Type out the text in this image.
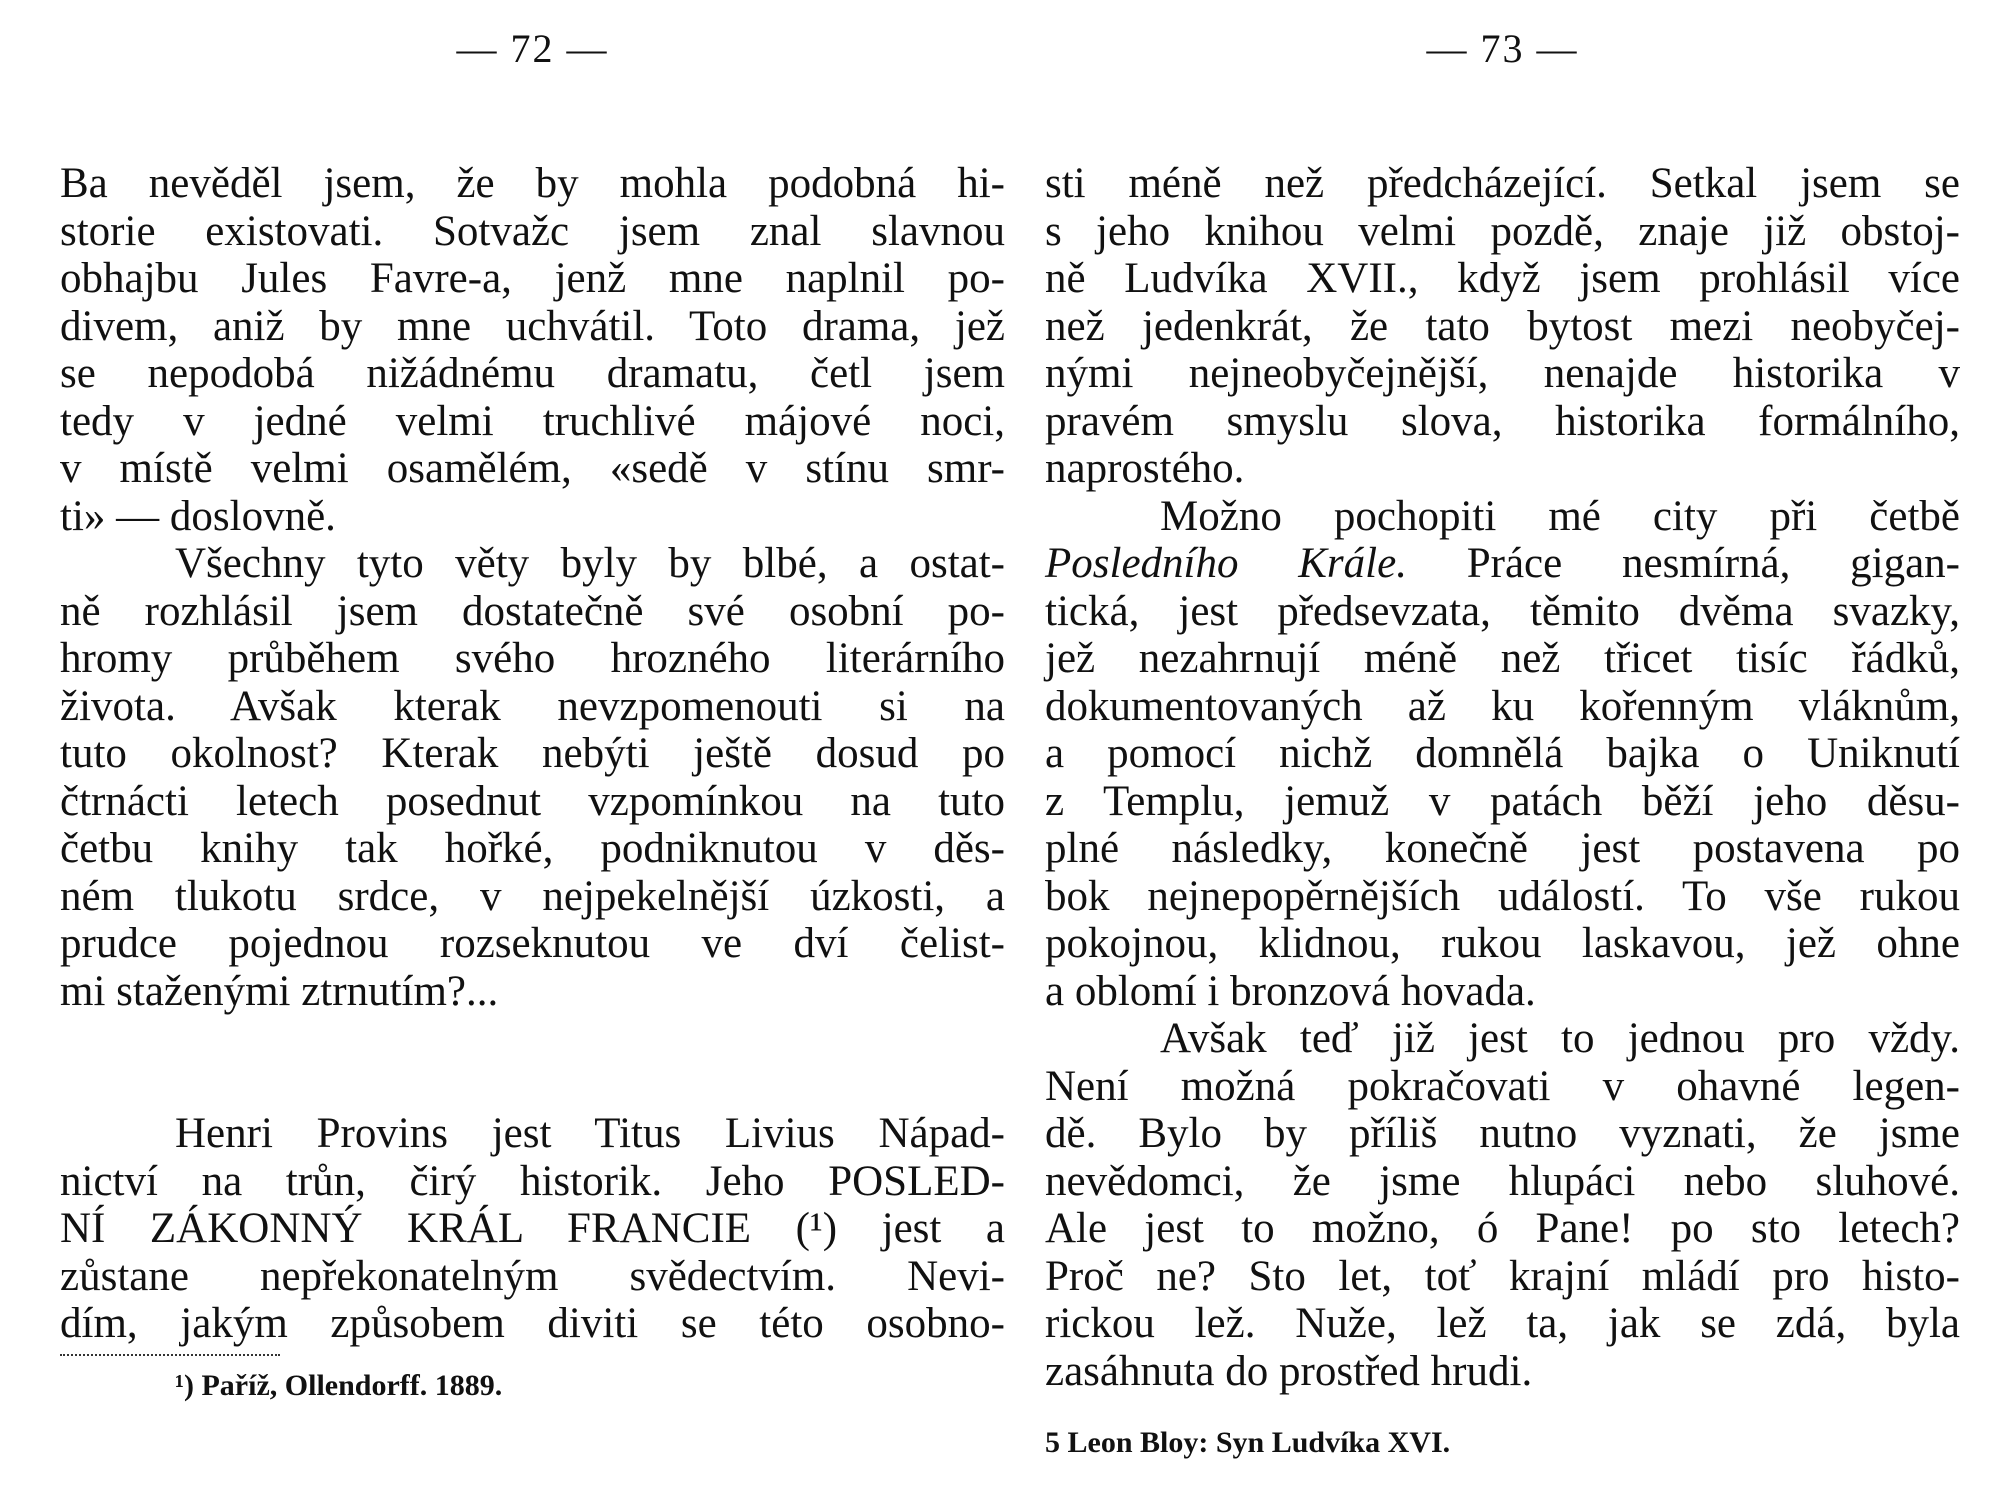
— 72 —
Ba nevěděl jsem, že by mohla podobná hi-
storie existovati. Sotvažc jsem znal slavnou
obhajbu Jules Favre-a, jenž mne naplnil po-
divem, aniž by mne uchvátil. Toto drama, jež
se nepodobá nižádnému dramatu, četl jsem
tedy v jedné velmi truchlivé májové noci,
v místě velmi osamělém, «sedě v stínu smr-
ti» — doslovně.
Všechny tyto věty byly by blbé, a ostat-
ně rozhlásil jsem dostatečně své osobní po-
hromy průběhem svého hrozného literárního
života. Avšak kterak nevzpomenouti si na
tuto okolnost? Kterak nebýti ještě dosud po
čtrnácti letech posednut vzpomínkou na tuto
četbu knihy tak hořké, podniknutou v děs-
ném tlukotu srdce, v nejpekelnější úzkosti, a
prudce pojednou rozseknutou ve dví čelist-
mi staženými ztrnutím?...
Henri Provins jest Titus Livius Nápad-
nictví na trůn, čirý historik. Jeho POSLED-
NÍ ZÁKONNÝ KRÁL FRANCIE (¹) jest a
zůstane nepřekonatelným svědectvím. Nevi-
dím, jakým způsobem diviti se této osobno-
¹) Paříž, Ollendorff. 1889.
— 73 —
sti méně než předcházející. Setkal jsem se
s jeho knihou velmi pozdě, znaje již obstoj-
ně Ludvíka XVII., když jsem prohlásil více
než jedenkrát, že tato bytost mezi neobyčej-
nými nejneobyčejnější, nenajde historika v
pravém smyslu slova, historika formálního,
naprostého.
Možno pochopiti mé city při četbě
Posledního Krále. Práce nesmírná, gigan-
tická, jest předsevzata, těmito dvěma svazky,
jež nezahrnují méně než třicet tisíc řádků,
dokumentovaných až ku kořenným vláknům,
a pomocí nichž domnělá bajka o Uniknutí
z Templu, jemuž v patách běží jeho děsu-
plné následky, konečně jest postavena po
bok nejnepopěrnějších událostí. To vše rukou
pokojnou, klidnou, rukou laskavou, jež ohne
a oblomí i bronzová hovada.
Avšak teď již jest to jednou pro vždy.
Není možná pokračovati v ohavné legen-
dě. Bylo by příliš nutno vyznati, že jsme
nevědomci, že jsme hlupáci nebo sluhové.
Ale jest to možno, ó Pane! po sto letech?
Proč ne? Sto let, toť krajní mládí pro histo-
rickou lež. Nuže, lež ta, jak se zdá, byla
zasáhnuta do prostřed hrudi.
5 Leon Bloy: Syn Ludvíka XVI.
